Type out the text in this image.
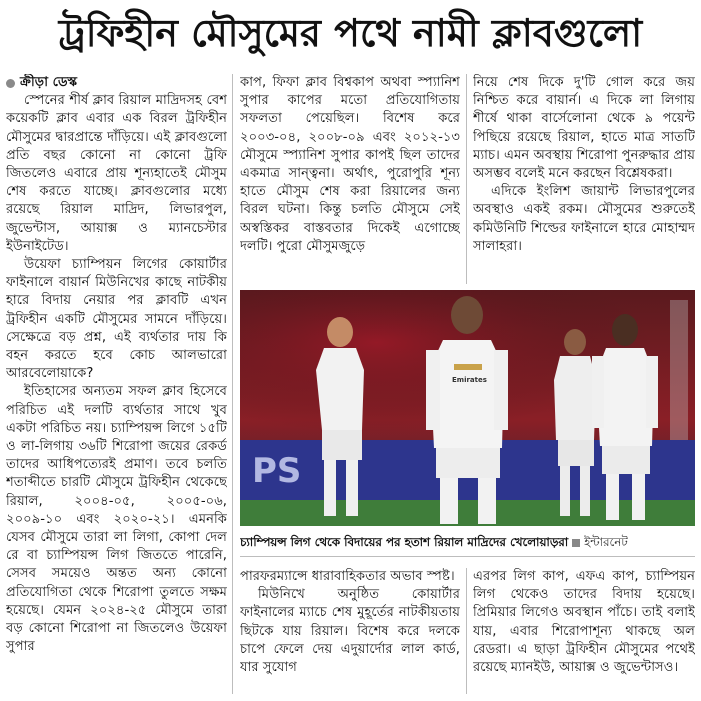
ট্রফিহীন মৌসুমের পথে নামী ক্লাবগুলো
ক্রীড়া ডেস্ক

স্পেনের শীর্ষ ক্লাব রিয়াল মাদ্রিদসহ বেশ কয়েকটি ক্লাব এবার এক বিরল ট্রফিহীন মৌসুমের দ্বারপ্রান্তে দাঁড়িয়ে। এই ক্লাবগুলো প্রতি বছর কোনো না কোনো ট্রফি জিতলেও এবারে প্রায় শূন্যহাতেই মৌসুম শেষ করতে যাচ্ছে। ক্লাবগুলোর মধ্যে রয়েছে রিয়াল মাদ্রিদ, লিভারপুল, জুভেন্টাস, আয়াক্স ও ম্যানচেস্টার ইউনাইটেড।

উয়েফা চ্যাম্পিয়ন লিগের কোয়ার্টার ফাইনালে বায়ার্ন মিউনিখের কাছে নাটকীয় হারে বিদায় নেয়ার পর ক্লাবটি এখন ট্রফিহীন একটি মৌসুমের সামনে দাঁড়িয়ে। সেক্ষেত্রে বড় প্রশ্ন, এই ব্যর্থতার দায় কি বহন করতে হবে কোচ আলভারো আরবেলোয়াকে?

ইতিহাসের অন্যতম সফল ক্লাব হিসেবে পরিচিত এই দলটি ব্যর্থতার সাথে খুব একটা পরিচিত নয়। চ্যাম্পিয়ন্স লিগে ১৫টি ও লা-লিগায় ৩৬টি শিরোপা জয়ের রেকর্ড তাদের আধিপত্যেরই প্রমাণ। তবে চলতি শতাব্দীতে চারটি মৌসুমে ট্রফিহীন থেকেছে রিয়াল, ২০০৪-০৫, ২০০৫-০৬, ২০০৯-১০ এবং ২০২০-২১। এমনকি যেসব মৌসুমে তারা লা লিগা, কোপা দেল রে বা চ্যাম্পিয়ন্স লিগ জিততে পারেনি, সেসব সময়েও অন্তত অন্য কোনো প্রতিযোগিতা থেকে শিরোপা তুলতে সক্ষম হয়েছে। যেমন ২০২৪-২৫ মৌসুমে তারা বড় কোনো শিরোপা না জিতলেও উয়েফা সুপার

কাপ, ফিফা ক্লাব বিশ্বকাপ অথবা স্প্যানিশ সুপার কাপের মতো প্রতিযোগিতায় সফলতা পেয়েছিল। বিশেষ করে ২০০৩-০৪, ২০০৮-০৯ এবং ২০১২-১৩ মৌসুমে স্প্যানিশ সুপার কাপই ছিল তাদের একমাত্র সান্ত্বনা। অর্থাৎ, পুরোপুরি শূন্য হাতে মৌসুম শেষ করা রিয়ালের জন্য বিরল ঘটনা। কিন্তু চলতি মৌসুমে সেই অস্বস্তিকর বাস্তবতার দিকেই এগোচ্ছে দলটি। পুরো মৌসুমজুড়ে

নিয়ে শেষ দিকে দু'টি গোল করে জয় নিশ্চিত করে বায়ার্ন। এ দিকে লা লিগায় শীর্ষে থাকা বার্সেলোনা থেকে ৯ পয়েন্ট পিছিয়ে রয়েছে রিয়াল, হাতে মাত্র সাতটি ম্যাচ। এমন অবস্থায় শিরোপা পুনরুদ্ধার প্রায় অসম্ভব বলেই মনে করছেন বিশ্লেষকরা।

এদিকে ইংলিশ জায়ান্ট লিভারপুলের অবস্থাও একই রকম। মৌসুমের শুরুতেই কমিউনিটি শিল্ডের ফাইনালে হারে মোহাম্মদ সালাহরা।

PS
Emirates
চ্যাম্পিয়ন্স লিগ থেকে বিদায়ের পর হতাশ রিয়াল মাদ্রিদের খেলোয়াড়রা ইন্টারনেট

পারফরম্যান্সে ধারাবাহিকতার অভাব স্পষ্ট।

মিউনিখে অনুষ্ঠিত কোয়ার্টার ফাইনালের ম্যাচে শেষ মুহূর্তের নাটকীয়তায় ছিটকে যায় রিয়াল। বিশেষ করে দলকে চাপে ফেলে দেয় এদুয়ার্দোর লাল কার্ড, যার সুযোগ

এরপর লিগ কাপ, এফএ কাপ, চ্যাম্পিয়ন লিগ থেকেও তাদের বিদায় হয়েছে। প্রিমিয়ার লিগেও অবস্থান পাঁচে। তাই বলাই যায়, এবার শিরোপাশূন্য থাকছে অল রেডরা। এ ছাড়া ট্রফিহীন মৌসুমের পথেই রয়েছে ম্যানইউ, আয়াক্স ও জুভেন্টাসও।
